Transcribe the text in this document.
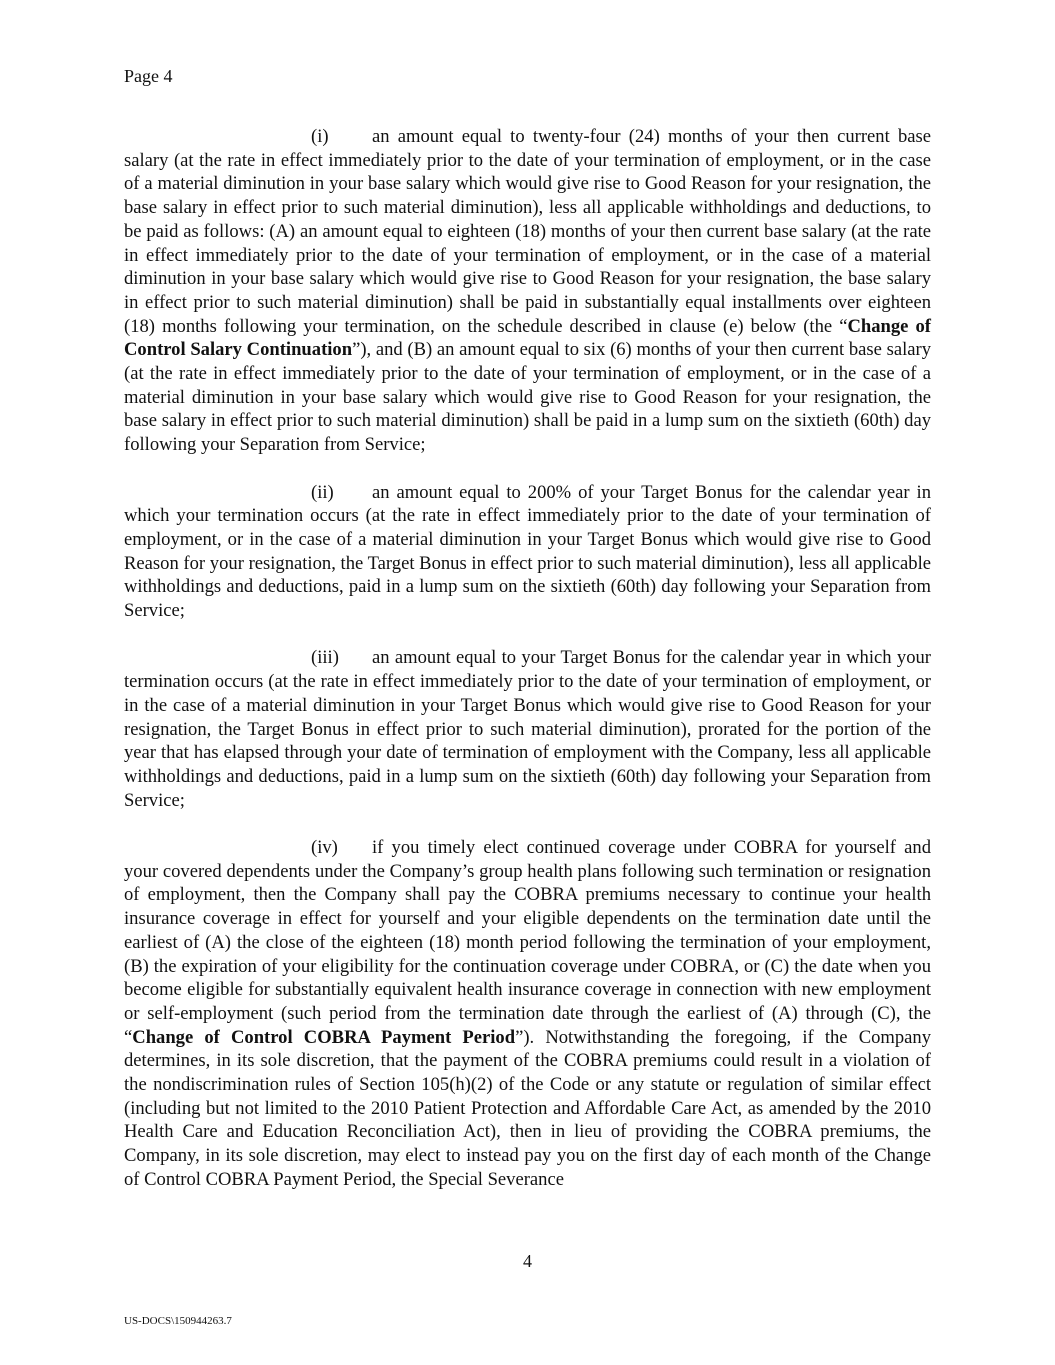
Page 4

(i) an amount equal to twenty-four (24) months of your then current base salary (at the rate in effect immediately prior to the date of your termination of employment, or in the case of a material diminution in your base salary which would give rise to Good Reason for your resignation, the base salary in effect prior to such material diminution), less all applicable withholdings and deductions, to be paid as follows: (A) an amount equal to eighteen (18) months of your then current base salary (at the rate in effect immediately prior to the date of your termination of employment, or in the case of a material diminution in your base salary which would give rise to Good Reason for your resignation, the base salary in effect prior to such material diminution) shall be paid in substantially equal installments over eighteen (18) months following your termination, on the schedule described in clause (e) below (the “Change of Control Salary Continuation”), and (B) an amount equal to six (6) months of your then current base salary (at the rate in effect immediately prior to the date of your termination of employment, or in the case of a material diminution in your base salary which would give rise to Good Reason for your resignation, the base salary in effect prior to such material diminution) shall be paid in a lump sum on the sixtieth (60th) day following your Separation from Service;

(ii) an amount equal to 200% of your Target Bonus for the calendar year in which your termination occurs (at the rate in effect immediately prior to the date of your termination of employment, or in the case of a material diminution in your Target Bonus which would give rise to Good Reason for your resignation, the Target Bonus in effect prior to such material diminution), less all applicable withholdings and deductions, paid in a lump sum on the sixtieth (60th) day following your Separation from Service;

(iii) an amount equal to your Target Bonus for the calendar year in which your termination occurs (at the rate in effect immediately prior to the date of your termination of employment, or in the case of a material diminution in your Target Bonus which would give rise to Good Reason for your resignation, the Target Bonus in effect prior to such material diminution), prorated for the portion of the year that has elapsed through your date of termination of employment with the Company, less all applicable withholdings and deductions, paid in a lump sum on the sixtieth (60th) day following your Separation from Service;

(iv) if you timely elect continued coverage under COBRA for yourself and your covered dependents under the Company’s group health plans following such termination or resignation of employment, then the Company shall pay the COBRA premiums necessary to continue your health insurance coverage in effect for yourself and your eligible dependents on the termination date until the earliest of (A) the close of the eighteen (18) month period following the termination of your employment, (B) the expiration of your eligibility for the continuation coverage under COBRA, or (C) the date when you become eligible for substantially equivalent health insurance coverage in connection with new employment or self-employment (such period from the termination date through the earliest of (A) through (C), the “Change of Control COBRA Payment Period”). Notwithstanding the foregoing, if the Company determines, in its sole discretion, that the payment of the COBRA premiums could result in a violation of the nondiscrimination rules of Section 105(h)(2) of the Code or any statute or regulation of similar effect (including but not limited to the 2010 Patient Protection and Affordable Care Act, as amended by the 2010 Health Care and Education Reconciliation Act), then in lieu of providing the COBRA premiums, the Company, in its sole discretion, may elect to instead pay you on the first day of each month of the Change of Control COBRA Payment Period, the Special Severance

4
US-DOCS\150944263.7
